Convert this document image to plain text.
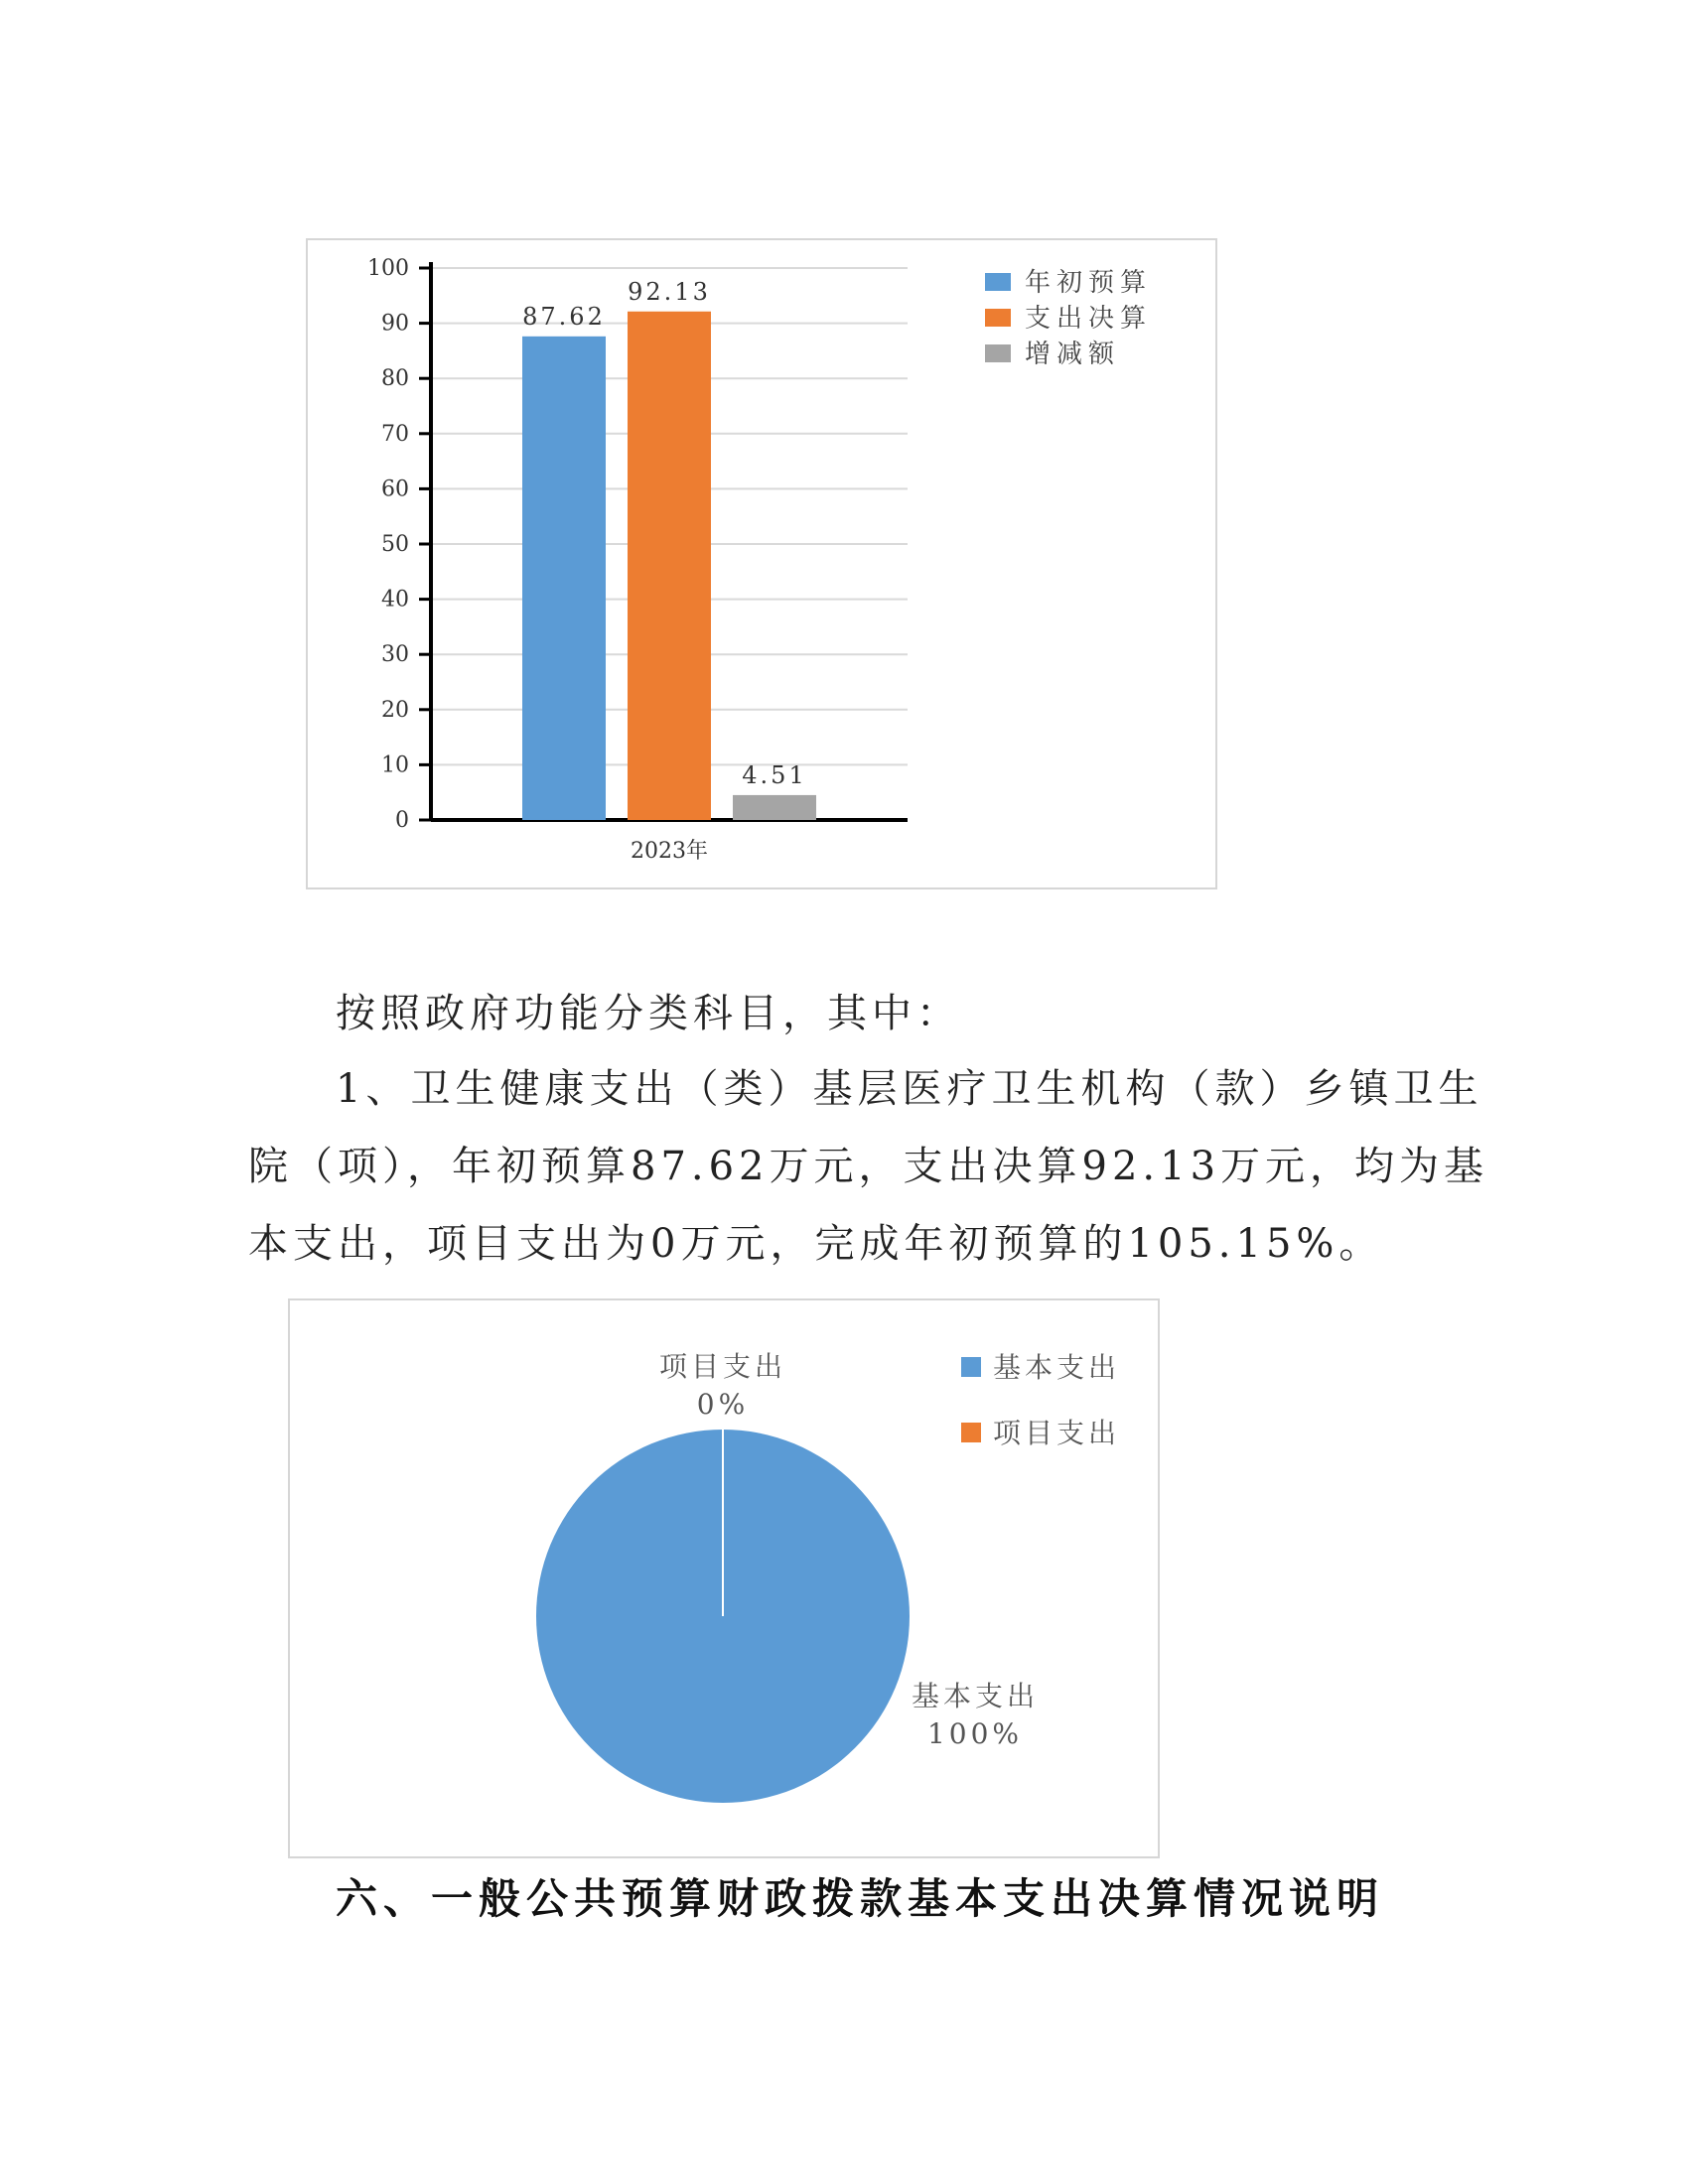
0
10
20
30
40
50
60
70
80
90
100
87.62
92.13
4.51
2023年
年初预算
支出决算
增减额

按照政府功能分类科目，其中：

1、卫生健康支出（类）基层医疗卫生机构（款）乡镇卫生
院（项），年初预算87.62万元，支出决算92.13万元，均为基
本支出，项目支出为0万元，完成年初预算的105.15%。

项目支出
0%
基本支出
100%
基本支出
项目支出
六、一般公共预算财政拨款基本支出决算情况说明
